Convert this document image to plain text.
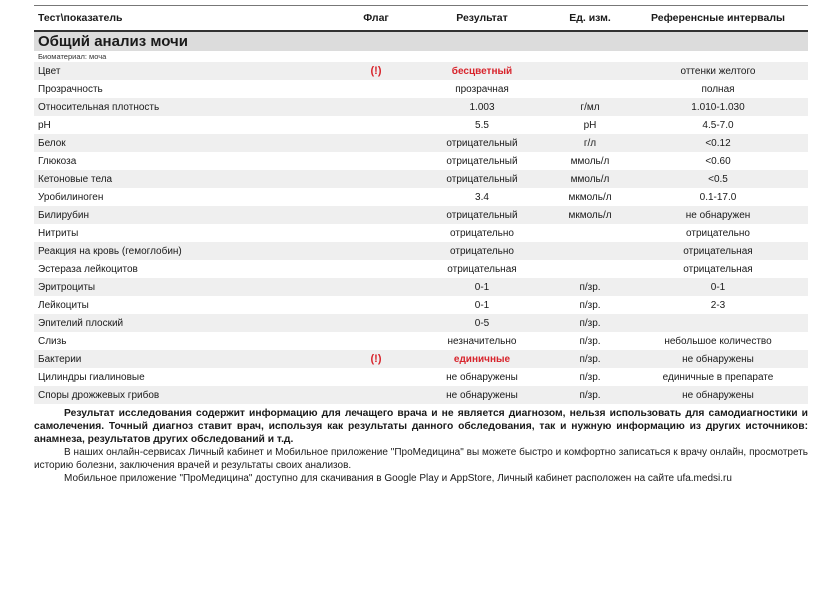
Тест\показатель	Флаг	Результат	Ед. изм.	Референсные интервалы
Общий анализ мочи				
Биоматериал: моча				
Цвет	(!)	бесцветный		оттенки желтого
Прозрачность		прозрачная		полная
Относительная плотность		1.003	г/мл	1.010-1.030
pH		5.5	pH	4.5-7.0
Белок		отрицательный	г/л	<0.12
Глюкоза		отрицательный	ммоль/л	<0.60
Кетоновые тела		отрицательный	ммоль/л	<0.5
Уробилиноген		3.4	мкмоль/л	0.1-17.0
Билирубин		отрицательный	мкмоль/л	не обнаружен
Нитриты		отрицательно		отрицательно
Реакция на кровь (гемоглобин)		отрицательно		отрицательная
Эстераза лейкоцитов		отрицательная		отрицательная
Эритроциты		0-1	п/зр.	0-1
Лейкоциты		0-1	п/зр.	2-3
Эпителий плоский		0-5	п/зр.	
Слизь		незначительно	п/зр.	небольшое количество
Бактерии	(!)	единичные	п/зр.	не обнаружены
Цилиндры гиалиновые		не обнаружены	п/зр.	единичные в препарате
Споры дрожжевых грибов		не обнаружены	п/зр.	не обнаружены

Результат исследования содержит информацию для лечащего врача и не является диагнозом, нельзя использовать для самодиагностики и самолечения. Точный диагноз ставит врач, используя как результаты данного обследования, так и нужную информацию из других источников: анамнеза, результатов других обследований и т.д.

В наших онлайн-сервисах Личный кабинет и Мобильное приложение "ПроМедицина" вы можете быстро и комфортно записаться к врачу онлайн, просмотреть историю болезни, заключения врачей и результаты своих анализов.

Мобильное приложение "ПроМедицина" доступно для скачивания в Google Play и AppStore, Личный кабинет расположен на сайте ufa.medsi.ru
